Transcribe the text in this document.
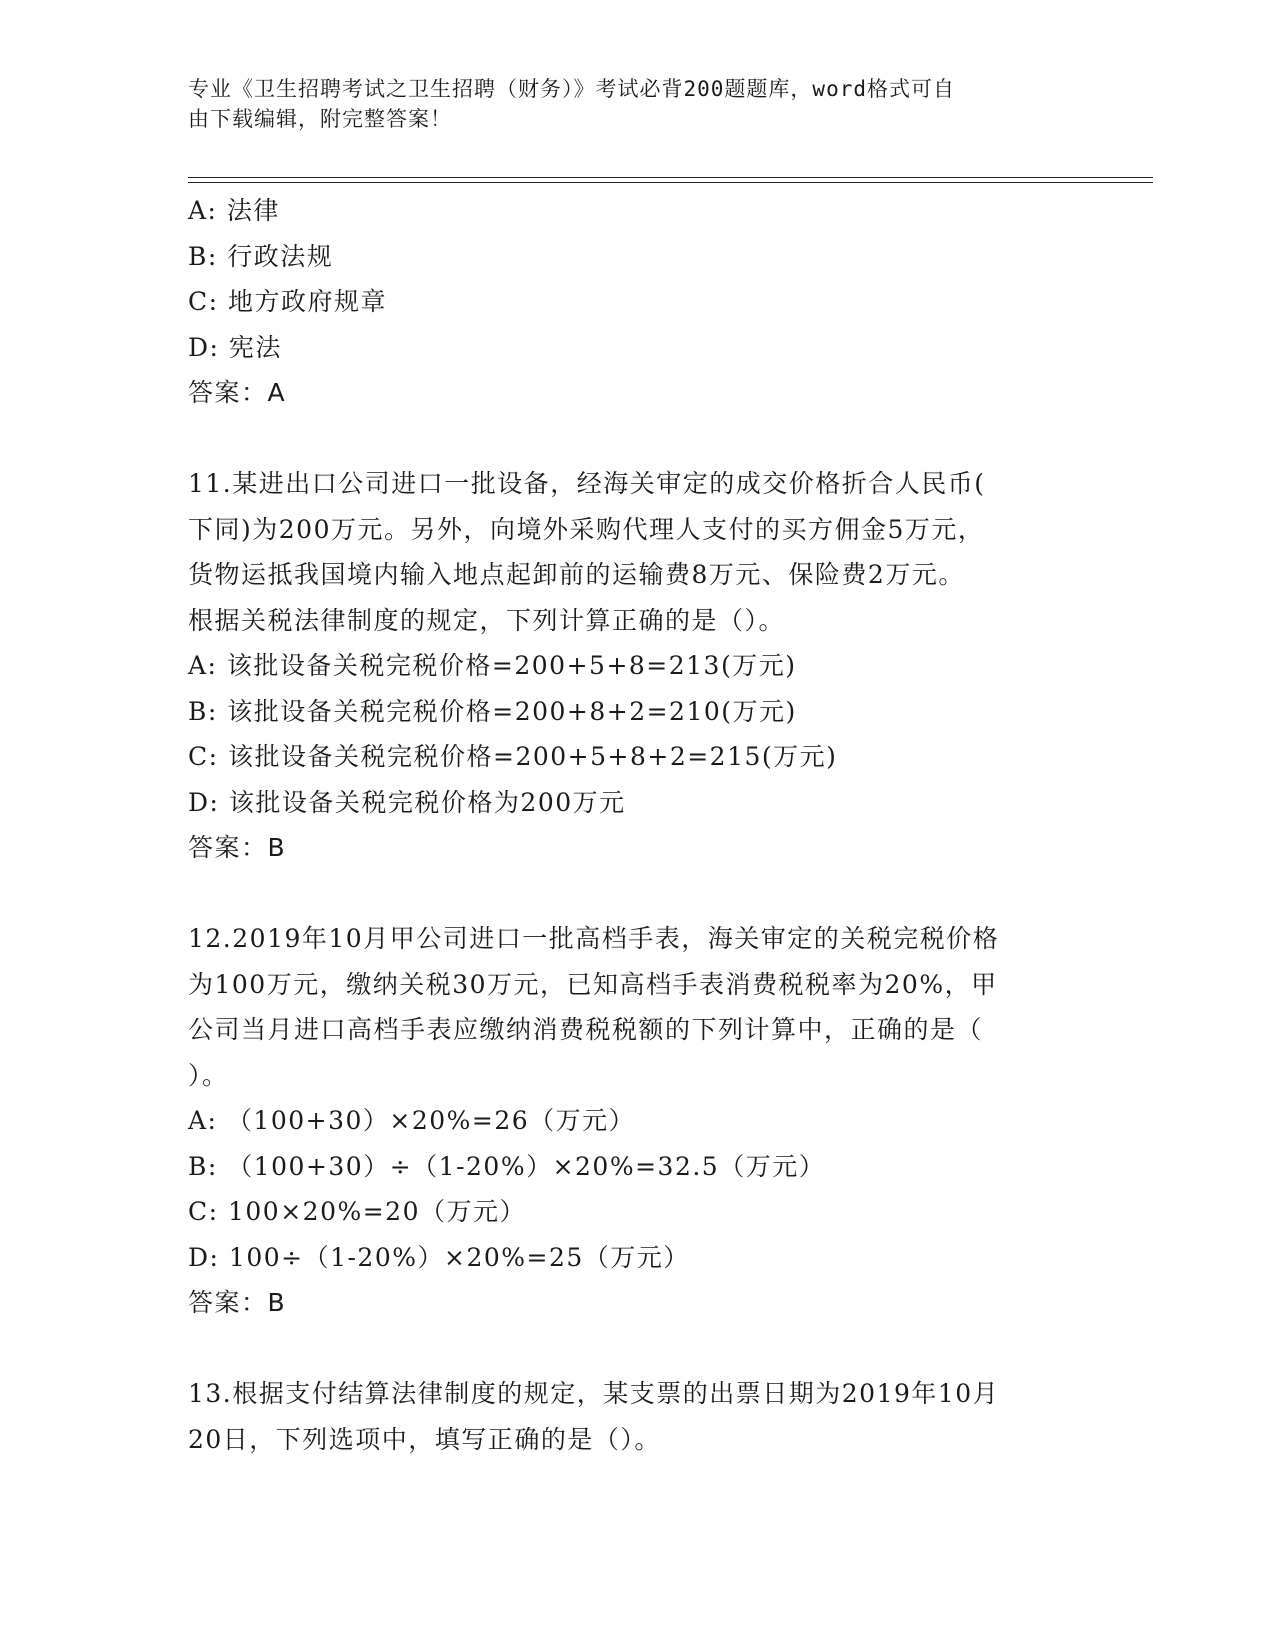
专业《卫生招聘考试之卫生招聘（财务）》考试必背200题题库，word格式可自
由下载编辑，附完整答案！
A: 法律
B: 行政法规
C: 地方政府规章
D: 宪法
答案：A
11.某进出口公司进口一批设备，经海关审定的成交价格折合人民币(
下同)为200万元。另外，向境外采购代理人支付的买方佣金5万元，
货物运抵我国境内输入地点起卸前的运输费8万元、保险费2万元。
根据关税法律制度的规定，下列计算正确的是（）。
A: 该批设备关税完税价格=200+5+8=213(万元)
B: 该批设备关税完税价格=200+8+2=210(万元)
C: 该批设备关税完税价格=200+5+8+2=215(万元)
D: 该批设备关税完税价格为200万元
答案：B
12.2019年10月甲公司进口一批高档手表，海关审定的关税完税价格
为100万元，缴纳关税30万元，已知高档手表消费税税率为20%，甲
公司当月进口高档手表应缴纳消费税税额的下列计算中，正确的是（
）。
A: （100+30）×20%=26（万元）
B: （100+30）÷（1-20%）×20%=32.5（万元）
C: 100×20%=20（万元）
D: 100÷（1-20%）×20%=25（万元）
答案：B
13.根据支付结算法律制度的规定，某支票的出票日期为2019年10月
20日，下列选项中，填写正确的是（）。
